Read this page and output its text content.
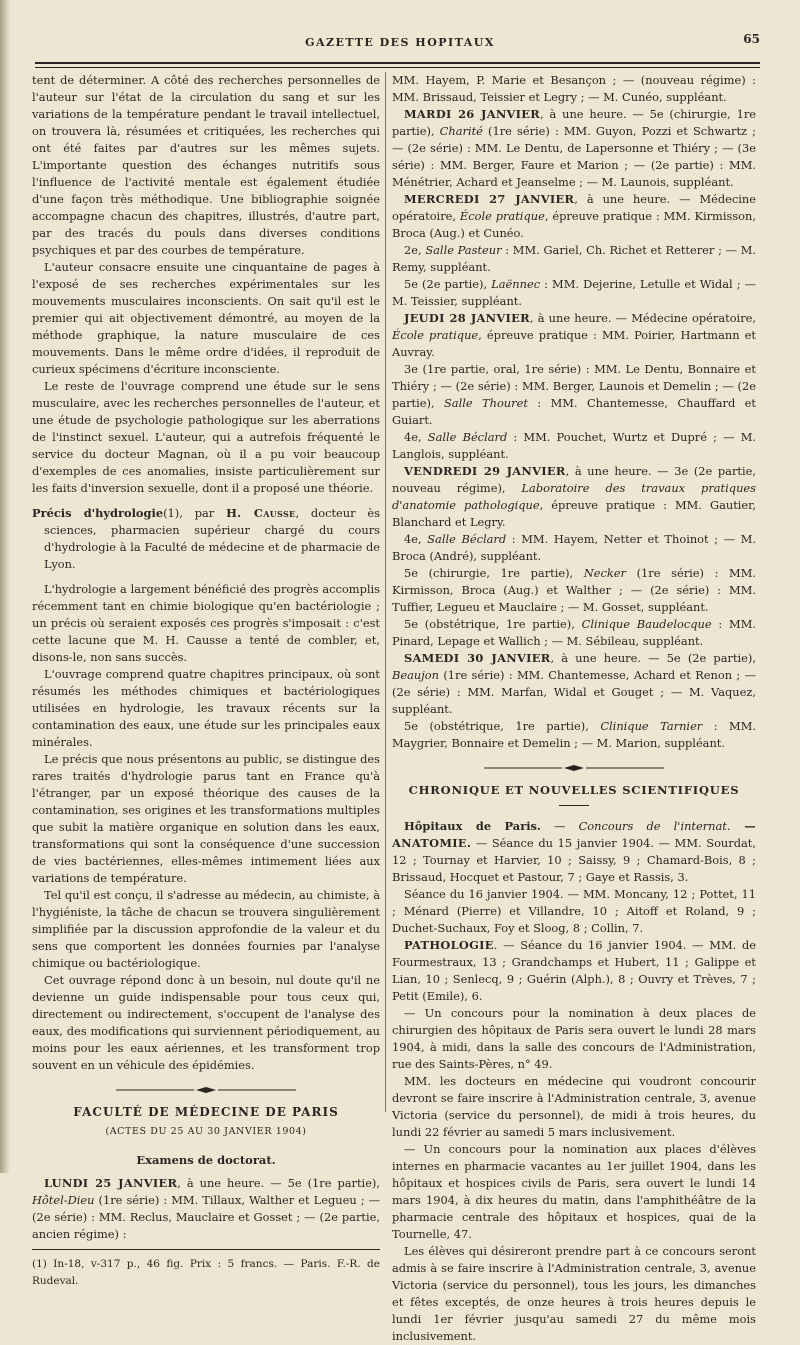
GAZETTE DES HOPITAUX	65

tent de déterminer. A côté des recherches personnelles de l'auteur sur l'état de la circulation du sang et sur les variations de la température pendant le travail intellectuel, on trouvera là, résumées et critiquées, les recherches qui ont été faites par d'autres sur les mêmes sujets. L'importante question des échanges nutritifs sous l'influence de l'activité mentale est également étudiée d'une façon très méthodique. Une bibliographie soignée accompagne chacun des chapitres, illustrés, d'autre part, par des tracés du pouls dans diverses conditions psychiques et par des courbes de température.

L'auteur consacre ensuite une cinquantaine de pages à l'exposé de ses recherches expérimentales sur les mouvements musculaires inconscients. On sait qu'il est le premier qui ait objectivement démontré, au moyen de la méthode graphique, la nature musculaire de ces mouvements. Dans le même ordre d'idées, il reproduit de curieux spécimens d'écriture inconsciente.

Le reste de l'ouvrage comprend une étude sur le sens musculaire, avec les recherches personnelles de l'auteur, et une étude de psychologie pathologique sur les aberrations de l'instinct sexuel. L'auteur, qui a autrefois fréquenté le service du docteur Magnan, où il a pu voir beaucoup d'exemples de ces anomalies, insiste particulièrement sur les faits d'inversion sexuelle, dont il a proposé une théorie.

Précis d'hydrologie(1), par H. Causse, docteur ès sciences, pharmacien supérieur chargé du cours d'hydrologie à la Faculté de médecine et de pharmacie de Lyon.

L'hydrologie a largement bénéficié des progrès accomplis récemment tant en chimie biologique qu'en bactériologie ; un précis où seraient exposés ces progrès s'imposait : c'est cette lacune que M. H. Causse a tenté de combler, et, disons-le, non sans succès.

L'ouvrage comprend quatre chapitres principaux, où sont résumés les méthodes chimiques et bactériologiques utilisées en hydrologie, les travaux récents sur la contamination des eaux, une étude sur les principales eaux minérales.

Le précis que nous présentons au public, se distingue des rares traités d'hydrologie parus tant en France qu'à l'étranger, par un exposé théorique des causes de la contamination, ses origines et les transformations multiples que subit la matière organique en solution dans les eaux, transformations qui sont la conséquence d'une succession de vies bactériennes, elles-mêmes intimement liées aux variations de température.

Tel qu'il est conçu, il s'adresse au médecin, au chimiste, à l'hygiéniste, la tâche de chacun se trouvera singulièrement simplifiée par la discussion approfondie de la valeur et du sens que comportent les données fournies par l'analyse chimique ou bactériologique.

Cet ouvrage répond donc à un besoin, nul doute qu'il ne devienne un guide indispensable pour tous ceux qui, directement ou indirectement, s'occupent de l'analyse des eaux, des modifications qui surviennent périodiquement, au moins pour les eaux aériennes, et les transforment trop souvent en un véhicule des épidémies.

FACULTÉ DE MÉDECINE DE PARIS
(ACTES DU 25 AU 30 JANVIER 1904)
Examens de doctorat.

LUNDI 25 JANVIER, à une heure. — 5e (1re partie), Hôtel-Dieu (1re série) : MM. Tillaux, Walther et Legueu ; — (2e série) : MM. Reclus, Mauclaire et Gosset ; — (2e partie, ancien régime) :

(1) In-18, v-317 p., 46 fig. Prix : 5 francs. — Paris. F.-R. de Rudeval.

MM. Hayem, P. Marie et Besançon ; — (nouveau régime) : MM. Brissaud, Teissier et Legry ; — M. Cunéo, suppléant.

MARDI 26 JANVIER, à une heure. — 5e (chirurgie, 1re partie), Charité (1re série) : MM. Guyon, Pozzi et Schwartz ; — (2e série) : MM. Le Dentu, de Lapersonne et Thiéry ; — (3e série) : MM. Berger, Faure et Marion ; — (2e partie) : MM. Ménétrier, Achard et Jeanselme ; — M. Launois, suppléant.

MERCREDI 27 JANVIER, à une heure. — Médecine opératoire, École pratique, épreuve pratique : MM. Kirmisson, Broca (Aug.) et Cunéo.

2e, Salle Pasteur : MM. Gariel, Ch. Richet et Retterer ; — M. Remy, suppléant.

5e (2e partie), Laënnec : MM. Dejerine, Letulle et Widal ; — M. Teissier, suppléant.

JEUDI 28 JANVIER, à une heure. — Médecine opératoire, École pratique, épreuve pratique : MM. Poirier, Hartmann et Auvray.

3e (1re partie, oral, 1re série) : MM. Le Dentu, Bonnaire et Thiéry ; — (2e série) : MM. Berger, Launois et Demelin ; — (2e partie), Salle Thouret : MM. Chantemesse, Chauffard et Guiart.

4e, Salle Béclard : MM. Pouchet, Wurtz et Dupré ; — M. Langlois, suppléant.

VENDREDI 29 JANVIER, à une heure. — 3e (2e partie, nouveau régime), Laboratoire des travaux pratiques d'anatomie pathologique, épreuve pratique : MM. Gautier, Blanchard et Legry.

4e, Salle Béclard : MM. Hayem, Netter et Thoinot ; — M. Broca (André), suppléant.

5e (chirurgie, 1re partie), Necker (1re série) : MM. Kirmisson, Broca (Aug.) et Walther ; — (2e série) : MM. Tuffier, Legueu et Mauclaire ; — M. Gosset, suppléant.

5e (obstétrique, 1re partie), Clinique Baudelocque : MM. Pinard, Lepage et Wallich ; — M. Sébileau, suppléant.

SAMEDI 30 JANVIER, à une heure. — 5e (2e partie), Beaujon (1re série) : MM. Chantemesse, Achard et Renon ; — (2e série) : MM. Marfan, Widal et Gouget ; — M. Vaquez, suppléant.

5e (obstétrique, 1re partie), Clinique Tarnier : MM. Maygrier, Bonnaire et Demelin ; — M. Marion, suppléant.

CHRONIQUE ET NOUVELLES SCIENTIFIQUES

Hôpitaux de Paris. — Concours de l'internat. — ANATOMIE. — Séance du 15 janvier 1904. — MM. Sourdat, 12 ; Tournay et Harvier, 10 ; Saissy, 9 ; Chamard-Bois, 8 ; Brissaud, Hocquet et Pastour, 7 ; Gaye et Rassis, 3.

Séance du 16 janvier 1904. — MM. Moncany, 12 ; Pottet, 11 ; Ménard (Pierre) et Villandre, 10 ; Aitoff et Roland, 9 ; Duchet-Suchaux, Foy et Sloog, 8 ; Collin, 7.

PATHOLOGIE. — Séance du 16 janvier 1904. — MM. de Fourmestraux, 13 ; Grandchamps et Hubert, 11 ; Galippe et Lian, 10 ; Senlecq, 9 ; Guérin (Alph.), 8 ; Ouvry et Trèves, 7 ; Petit (Emile), 6.

— Un concours pour la nomination à deux places de chirurgien des hôpitaux de Paris sera ouvert le lundi 28 mars 1904, à midi, dans la salle des concours de l'Administration, rue des Saints-Pères, n° 49.

MM. les docteurs en médecine qui voudront concourir devront se faire inscrire à l'Administration centrale, 3, avenue Victoria (service du personnel), de midi à trois heures, du lundi 22 février au samedi 5 mars inclusivement.

— Un concours pour la nomination aux places d'élèves internes en pharmacie vacantes au 1er juillet 1904, dans les hôpitaux et hospices civils de Paris, sera ouvert le lundi 14 mars 1904, à dix heures du matin, dans l'amphithéâtre de la pharmacie centrale des hôpitaux et hospices, quai de la Tournelle, 47.

Les élèves qui désireront prendre part à ce concours seront admis à se faire inscrire à l'Administration centrale, 3, avenue Victoria (service du personnel), tous les jours, les dimanches et fêtes exceptés, de onze heures à trois heures depuis le lundi 1er février jusqu'au samedi 27 du même mois inclusivement.
